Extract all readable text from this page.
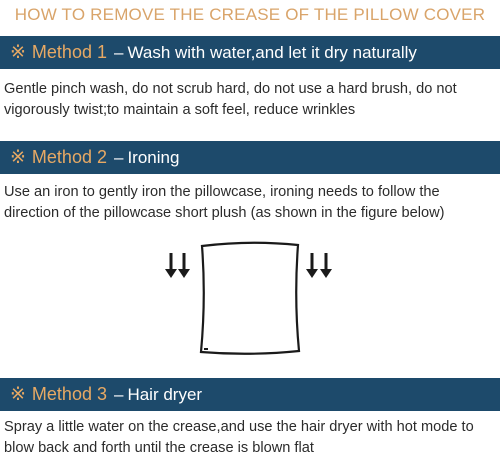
HOW TO REMOVE THE CREASE OF THE PILLOW COVER
※ Method 1 – Wash with water,and let it dry naturally
Gentle pinch wash, do not scrub hard, do not use a hard brush, do not vigorously twist;to maintain a soft feel, reduce wrinkles
※ Method 2 – Ironing
Use an iron to gently iron the pillowcase, ironing needs to follow the direction of the pillowcase short plush (as shown in the figure below)
※ Method 3 – Hair dryer
Spray a little water on the crease,and use the hair dryer with hot mode to blow back and forth until the crease is blown flat
